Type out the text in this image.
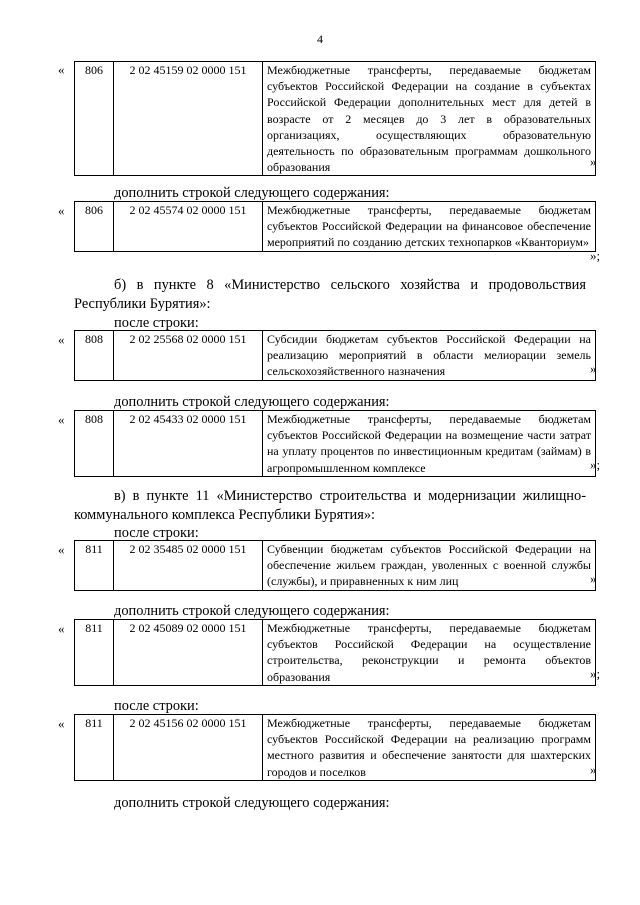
4
« 806	2 02 45159 02 0000 151	Межбюджетные трансферты, передаваемые бюджетам субъектов Российской Федерации на создание в субъектах Российской Федерации дополнительных мест для детей в возрасте от 2 месяцев до 3 лет в образовательных организациях, осуществляющих образовательную деятельность по образовательным программам дошкольного образования	»
дополнить строкой следующего содержания:
« 806	2 02 45574 02 0000 151	Межбюджетные трансферты, передаваемые бюджетам субъектов Российской Федерации на финансовое обеспечение мероприятий по созданию детских технопарков «Кванториум»
»;
б) в пункте 8 «Министерство сельского хозяйства и продовольствия Республики Бурятия»:
после строки:
« 808	2 02 25568 02 0000 151	Субсидии бюджетам субъектов Российской Федерации на реализацию мероприятий в области мелиорации земель сельскохозяйственного назначения	»
дополнить строкой следующего содержания:
« 808	2 02 45433 02 0000 151	Межбюджетные трансферты, передаваемые бюджетам субъектов Российской Федерации на возмещение части затрат на уплату процентов по инвестиционным кредитам (займам) в агропромышленном комплексе	»;
в) в пункте 11 «Министерство строительства и модернизации жилищно-коммунального комплекса Республики Бурятия»:
после строки:
« 811	2 02 35485 02 0000 151	Субвенции бюджетам субъектов Российской Федерации на обеспечение жильем граждан, уволенных с военной службы (службы), и приравненных к ним лиц	»
дополнить строкой следующего содержания:
« 811	2 02 45089 02 0000 151	Межбюджетные трансферты, передаваемые бюджетам субъектов Российской Федерации на осуществление строительства, реконструкции и ремонта объектов образования	»;
после строки:
« 811	2 02 45156 02 0000 151	Межбюджетные трансферты, передаваемые бюджетам субъектов Российской Федерации на реализацию программ местного развития и обеспечение занятости для шахтерских городов и поселков	»
дополнить строкой следующего содержания:
